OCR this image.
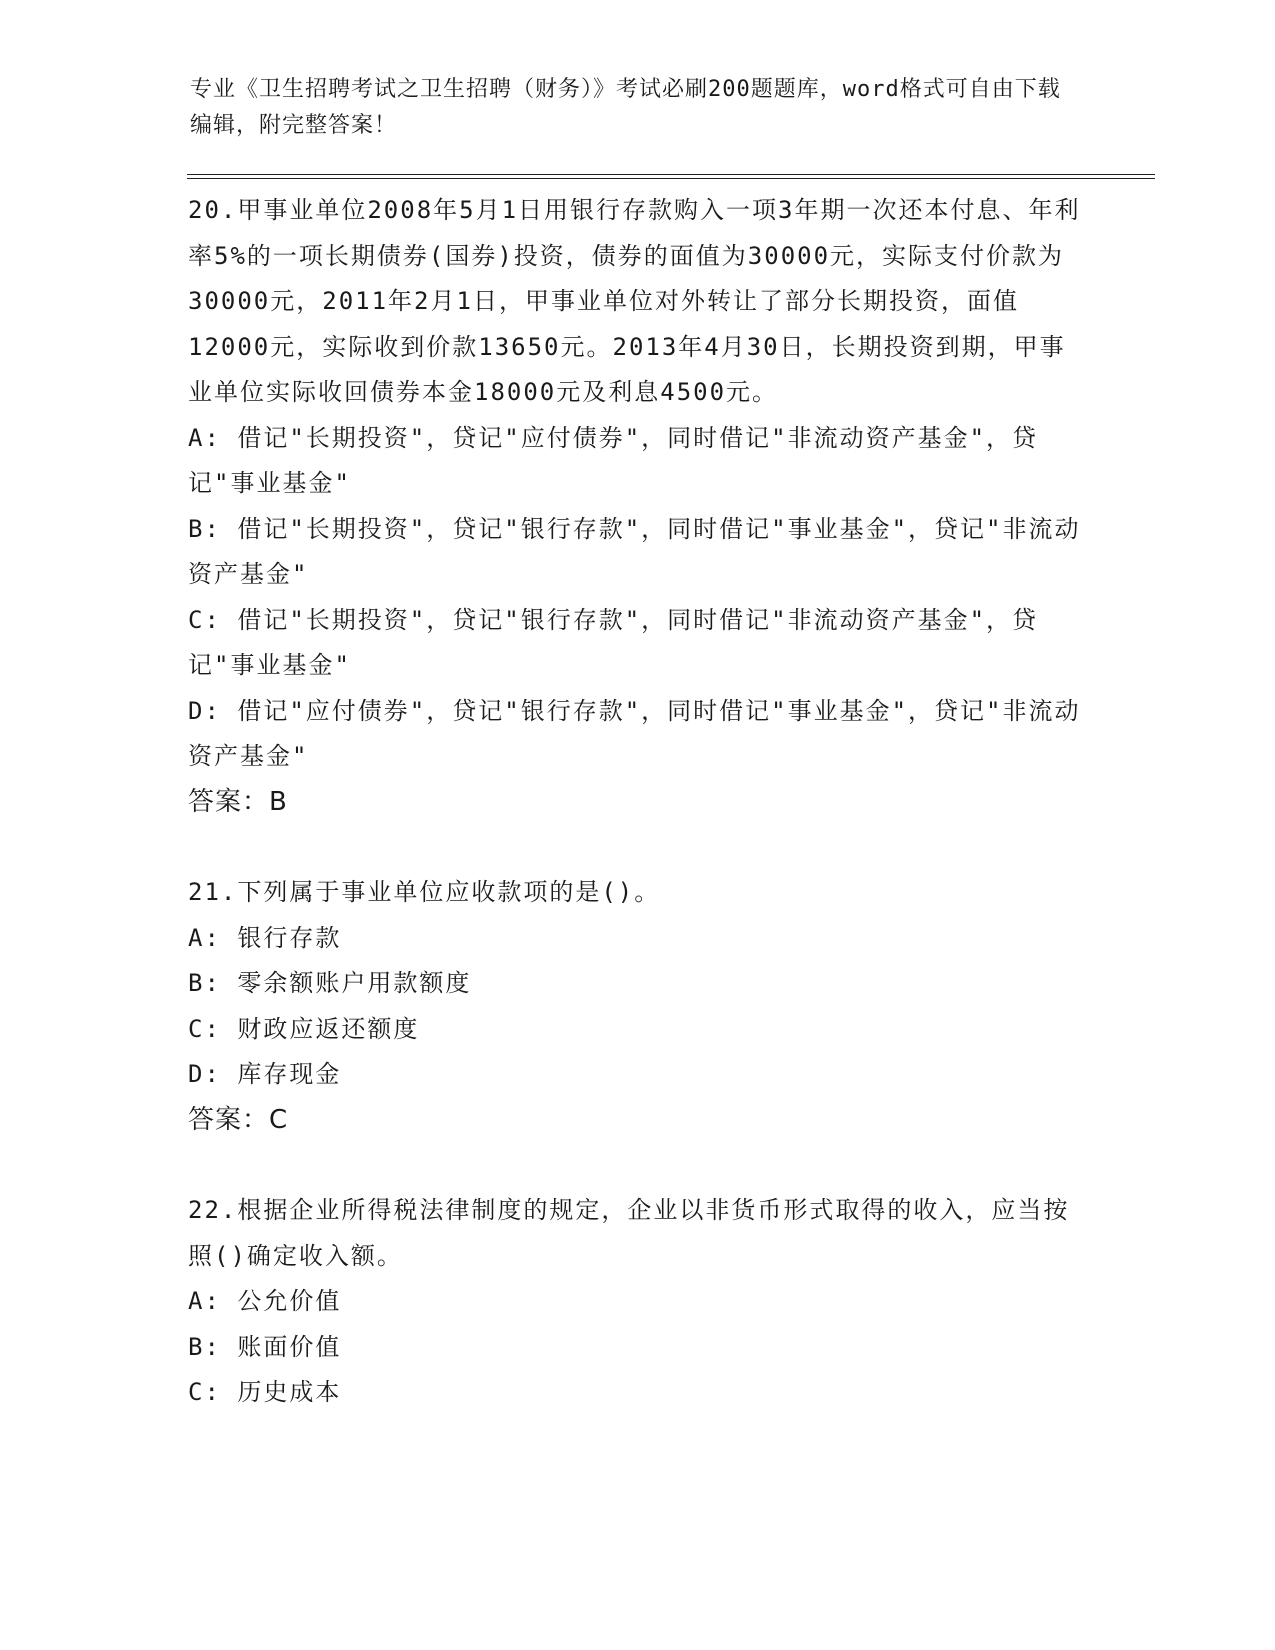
专业《卫生招聘考试之卫生招聘（财务）》考试必刷200题题库，word格式可自由下载编辑，附完整答案！

20.甲事业单位2008年5月1日用银行存款购入一项3年期一次还本付息、年利率5%的一项长期债券(国券)投资，债券的面值为30000元，实际支付价款为30000元，2011年2月1日，甲事业单位对外转让了部分长期投资，面值12000元，实际收到价款13650元。2013年4月30日，长期投资到期，甲事业单位实际收回债券本金18000元及利息4500元。

A: 借记"长期投资"，贷记"应付债券"，同时借记"非流动资产基金"，贷记"事业基金"

B: 借记"长期投资"，贷记"银行存款"，同时借记"事业基金"，贷记"非流动资产基金"

C: 借记"长期投资"，贷记"银行存款"，同时借记"非流动资产基金"，贷记"事业基金"

D: 借记"应付债券"，贷记"银行存款"，同时借记"事业基金"，贷记"非流动资产基金"

答案：B

21.下列属于事业单位应收款项的是()。

A: 银行存款

B: 零余额账户用款额度

C: 财政应返还额度

D: 库存现金

答案：C

22.根据企业所得税法律制度的规定，企业以非货币形式取得的收入，应当按照()确定收入额。

A: 公允价值

B: 账面价值

C: 历史成本
